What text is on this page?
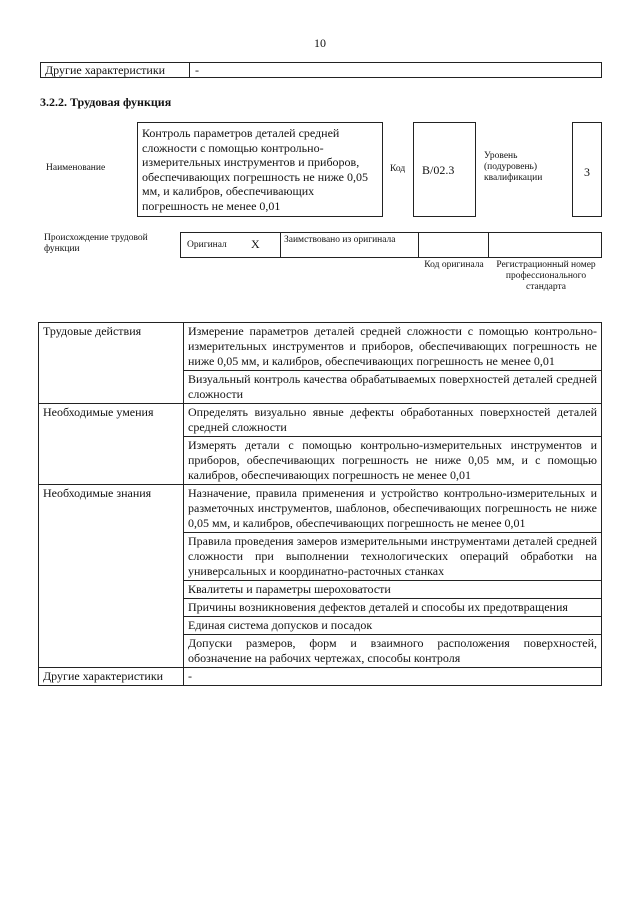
10
Другие характеристики	-
3.2.2. Трудовая функция
Наименование
Контроль параметров деталей средней сложности с помощью контрольно-измерительных инструментов и приборов, обеспечивающих погрешность не ниже 0,05 мм, и калибров, обеспечивающих погрешность не менее 0,01
Код	B/02.3
Уровень (подуровень) квалификации	3
Происхождение трудовой функции	Оригинал X	Заимствовано из оригинала
Код оригинала	Регистрационный номер профессионального стандарта
Трудовые действия	Измерение параметров деталей средней сложности с помощью контрольно-измерительных инструментов и приборов, обеспечивающих погрешность не ниже 0,05 мм, и калибров, обеспечивающих погрешность не менее 0,01
	Визуальный контроль качества обрабатываемых поверхностей деталей средней сложности
Необходимые умения	Определять визуально явные дефекты обработанных поверхностей деталей средней сложности
	Измерять детали с помощью контрольно-измерительных инструментов и приборов, обеспечивающих погрешность не ниже 0,05 мм, и с помощью калибров, обеспечивающих погрешность не менее 0,01
Необходимые знания	Назначение, правила применения и устройство контрольно-измерительных и разметочных инструментов, шаблонов, обеспечивающих погрешность не ниже 0,05 мм, и калибров, обеспечивающих погрешность не менее 0,01
	Правила проведения замеров измерительными инструментами деталей средней сложности при выполнении технологических операций обработки на универсальных и координатно-расточных станках
	Квалитеты и параметры шероховатости
	Причины возникновения дефектов деталей и способы их предотвращения
	Единая система допусков и посадок
	Допуски размеров, форм и взаимного расположения поверхностей, обозначение на рабочих чертежах, способы контроля
Другие характеристики	-
